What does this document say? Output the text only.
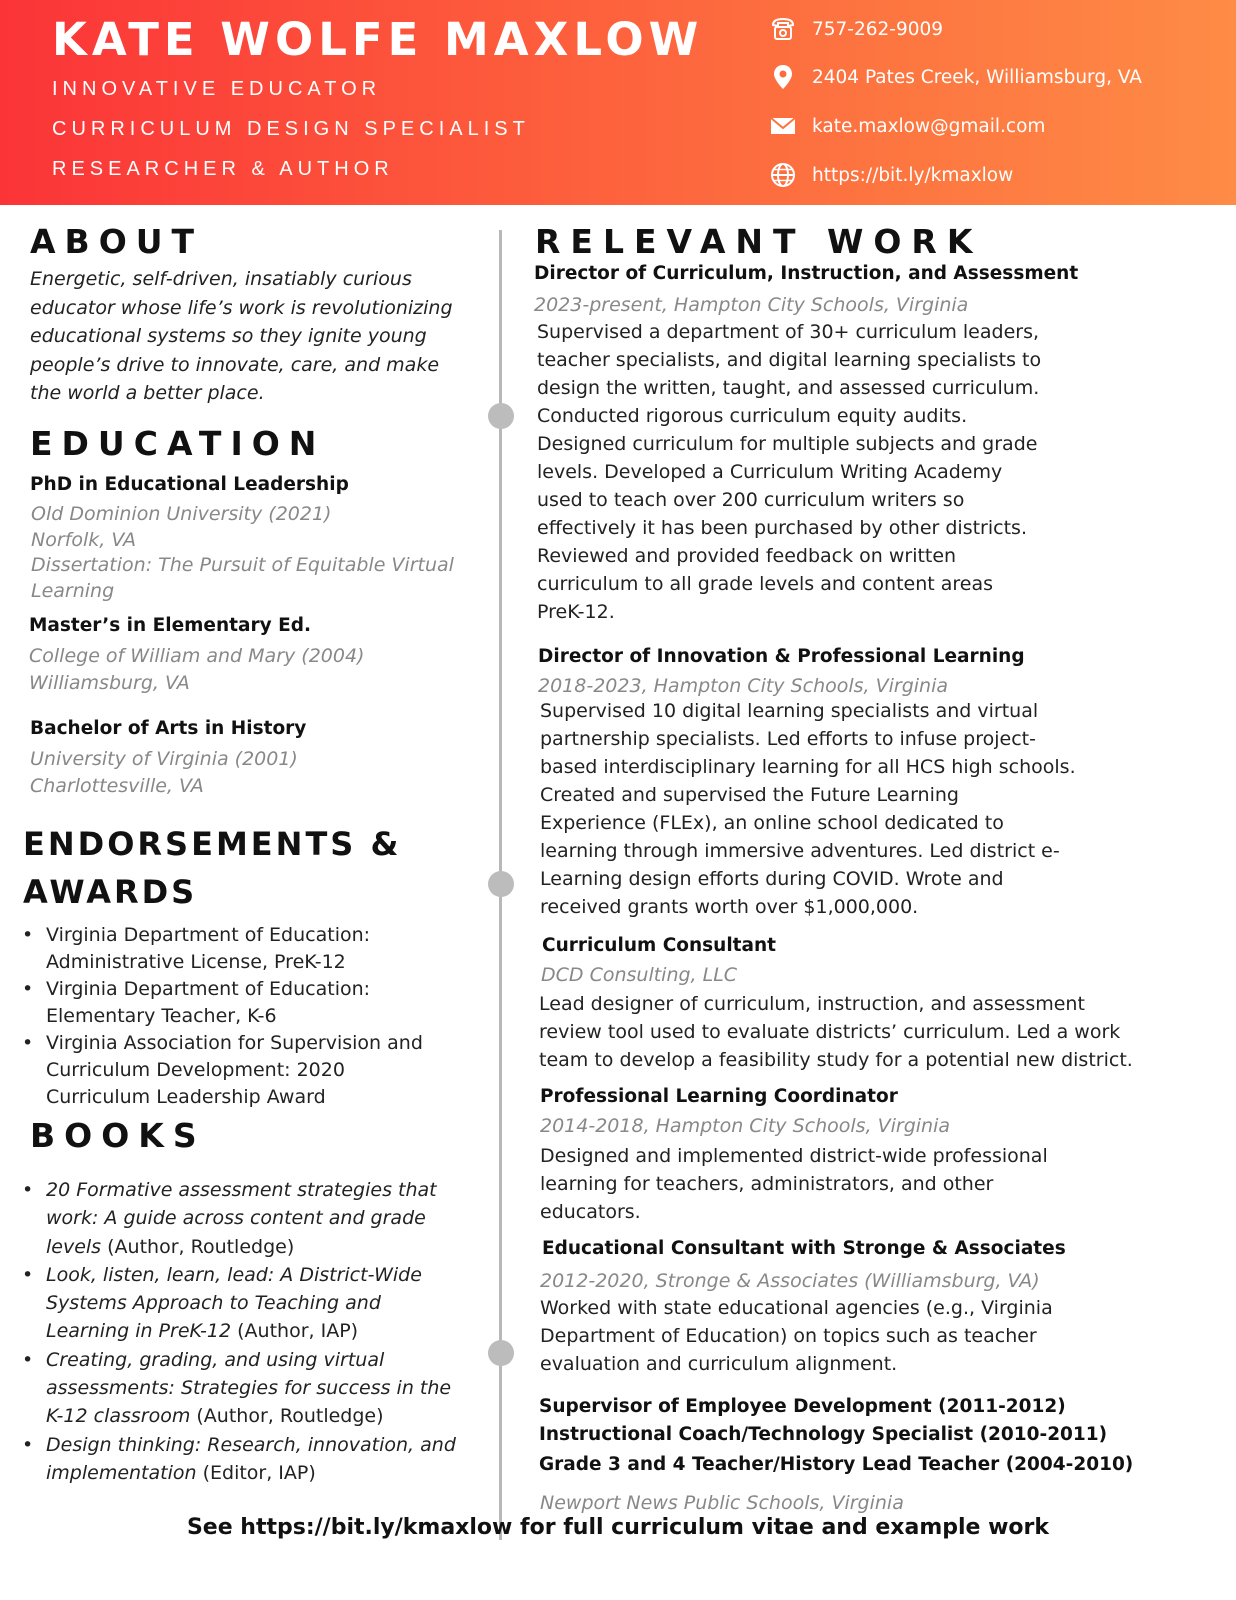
KATE WOLFE MAXLOW
INNOVATIVE EDUCATOR
CURRICULUM DESIGN SPECIALIST
RESEARCHER & AUTHOR
757-262-9009
2404 Pates Creek, Williamsburg, VA
kate.maxlow@gmail.com
https://bit.ly/kmaxlow
ABOUT
Energetic, self-driven, insatiably curious
educator whose life’s work is revolutionizing
educational systems so they ignite young
people’s drive to innovate, care, and make
the world a better place.
EDUCATION
PhD in Educational Leadership
Old Dominion University (2021)
Norfolk, VA
Dissertation: The Pursuit of Equitable Virtual
Learning
Master’s in Elementary Ed.
College of William and Mary (2004)
Williamsburg, VA
Bachelor of Arts in History
University of Virginia (2001)
Charlottesville, VA
ENDORSEMENTS &
AWARDS
• Virginia Department of Education:
Administrative License, PreK-12
• Virginia Department of Education:
Elementary Teacher, K-6
• Virginia Association for Supervision and
Curriculum Development: 2020
Curriculum Leadership Award
BOOKS
• 20 Formative assessment strategies that
work: A guide across content and grade
levels (Author, Routledge)
• Look, listen, learn, lead: A District-Wide
Systems Approach to Teaching and
Learning in PreK-12 (Author, IAP)
• Creating, grading, and using virtual
assessments: Strategies for success in the
K-12 classroom (Author, Routledge)
• Design thinking: Research, innovation, and
implementation (Editor, IAP)
RELEVANT WORK
Director of Curriculum, Instruction, and Assessment
2023-present, Hampton City Schools, Virginia
Supervised a department of 30+ curriculum leaders,
teacher specialists, and digital learning specialists to
design the written, taught, and assessed curriculum.
Conducted rigorous curriculum equity audits.
Designed curriculum for multiple subjects and grade
levels. Developed a Curriculum Writing Academy
used to teach over 200 curriculum writers so
effectively it has been purchased by other districts.
Reviewed and provided feedback on written
curriculum to all grade levels and content areas
PreK-12.
Director of Innovation & Professional Learning
2018-2023, Hampton City Schools, Virginia
Supervised 10 digital learning specialists and virtual
partnership specialists. Led efforts to infuse project-
based interdisciplinary learning for all HCS high schools.
Created and supervised the Future Learning
Experience (FLEx), an online school dedicated to
learning through immersive adventures. Led district e-
Learning design efforts during COVID. Wrote and
received grants worth over $1,000,000.
Curriculum Consultant
DCD Consulting, LLC
Lead designer of curriculum, instruction, and assessment
review tool used to evaluate districts’ curriculum. Led a work
team to develop a feasibility study for a potential new district.
Professional Learning Coordinator
2014-2018, Hampton City Schools, Virginia
Designed and implemented district-wide professional
learning for teachers, administrators, and other
educators.
Educational Consultant with Stronge & Associates
2012-2020, Stronge & Associates (Williamsburg, VA)
Worked with state educational agencies (e.g., Virginia
Department of Education) on topics such as teacher
evaluation and curriculum alignment.
Supervisor of Employee Development (2011-2012)
Instructional Coach/Technology Specialist (2010-2011)
Grade 3 and 4 Teacher/History Lead Teacher (2004-2010)
Newport News Public Schools, Virginia
See https://bit.ly/kmaxlow for full curriculum vitae and example work
